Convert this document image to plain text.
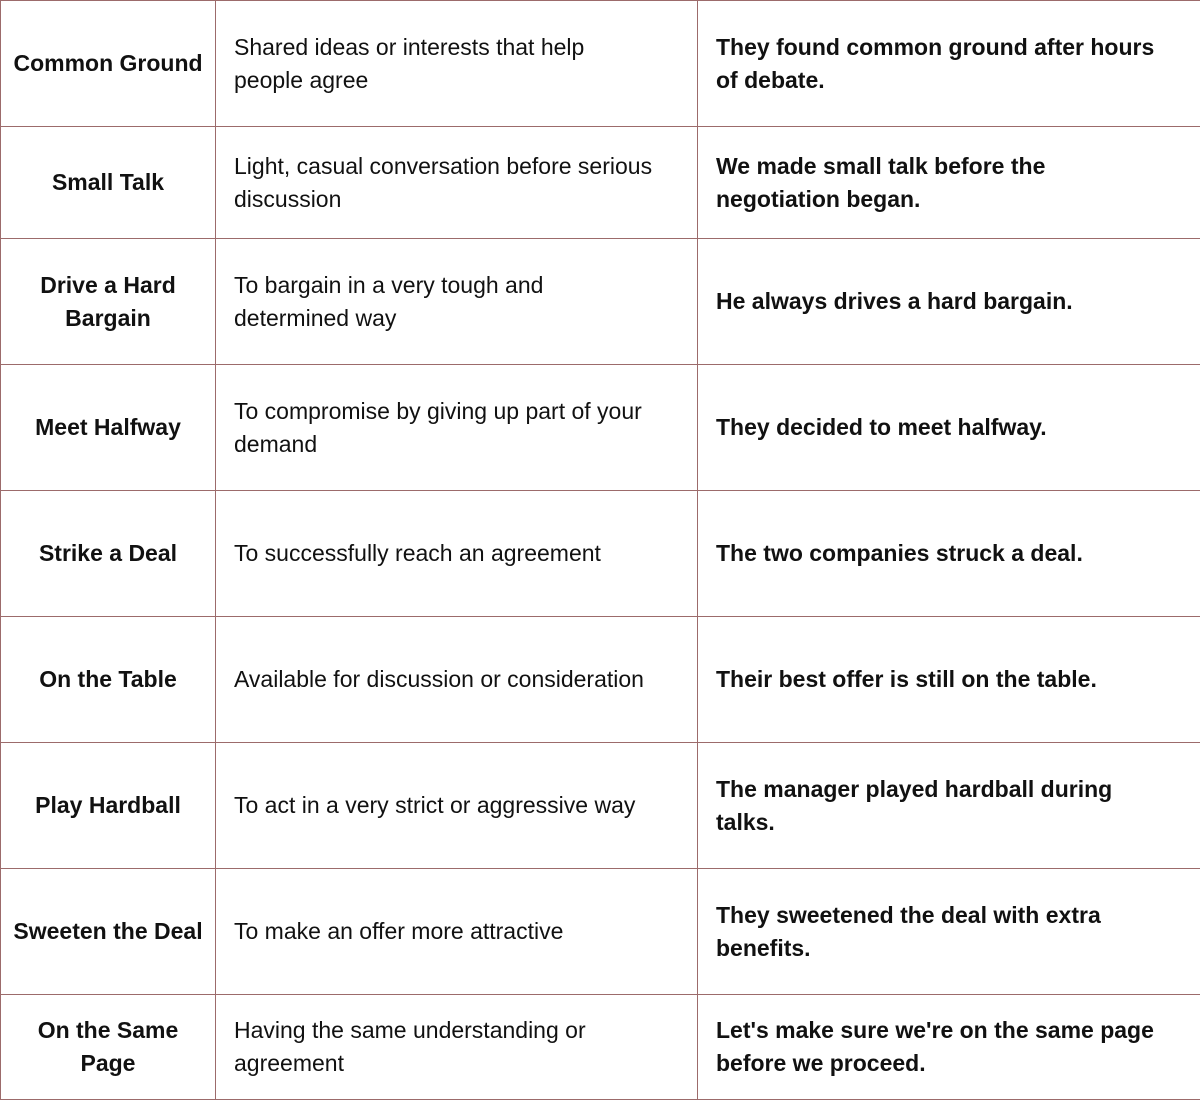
Common Ground	Shared ideas or interests that help people agree	They found common ground after hours of debate.
Small Talk	Light, casual conversation before serious discussion	We made small talk before the negotiation began.
Drive a Hard Bargain	To bargain in a very tough and determined way	He always drives a hard bargain.
Meet Halfway	To compromise by giving up part of your demand	They decided to meet halfway.
Strike a Deal	To successfully reach an agreement	The two companies struck a deal.
On the Table	Available for discussion or consideration	Their best offer is still on the table.
Play Hardball	To act in a very strict or aggressive way	The manager played hardball during talks.
Sweeten the Deal	To make an offer more attractive	They sweetened the deal with extra benefits.
On the Same Page	Having the same understanding or agreement	Let's make sure we're on the same page before we proceed.
